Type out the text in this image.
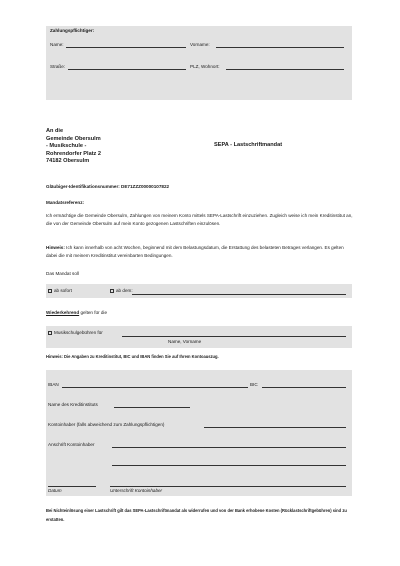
Zahlungspflichtiger:
Name:	Vorname:
Straße:	PLZ, Wohnort:
An die
Gemeinde Obersulm
- Musikschule -
Rohrendorfer Platz 2
74182 Obersulm
SEPA - Lastschriftmandat
Gläubiger-Identifikationsnummer: DE71ZZZ00000107822
Mandatsreferenz:
Ich ermächtige die Gemeinde Obersulm, Zahlungen von meinem Konto mittels SEPA-Lastschrift einzuziehen. Zugleich weise ich mein Kreditinstitut an, die von der Gemeinde Obersulm auf mein Konto gezogenen Lastschriften einzulösen.
Hinweis: Ich kann innerhalb von acht Wochen, beginnend mit dem Belastungsdatum, die Erstattung des belasteten Betrages verlangen. Es gelten dabei die mit meinem Kreditinstitut vereinbarten Bedingungen.
Das Mandat soll
ab sofort	ab dem:
Wiederkehrend gelten für die
Musikschulgebühren für
Name, Vorname
Hinweis: Die Angaben zu Kreditinstitut, BIC und IBAN finden Sie auf Ihrem Kontoauszug.
IBAN	BIC
Name des Kreditinstituts
Kontoinhaber (falls abweichend zum Zahlungspflichtigen)
Anschrift Kontoinhaber
Datum	Unterschrift Kontoinhaber
Bei Nichteinlösung einer Lastschrift gilt das SEPA-Lastschriftmandat als widerrufen und von der Bank erhobene Kosten (Rücklastschriftgebühren) sind zu erstatten.
